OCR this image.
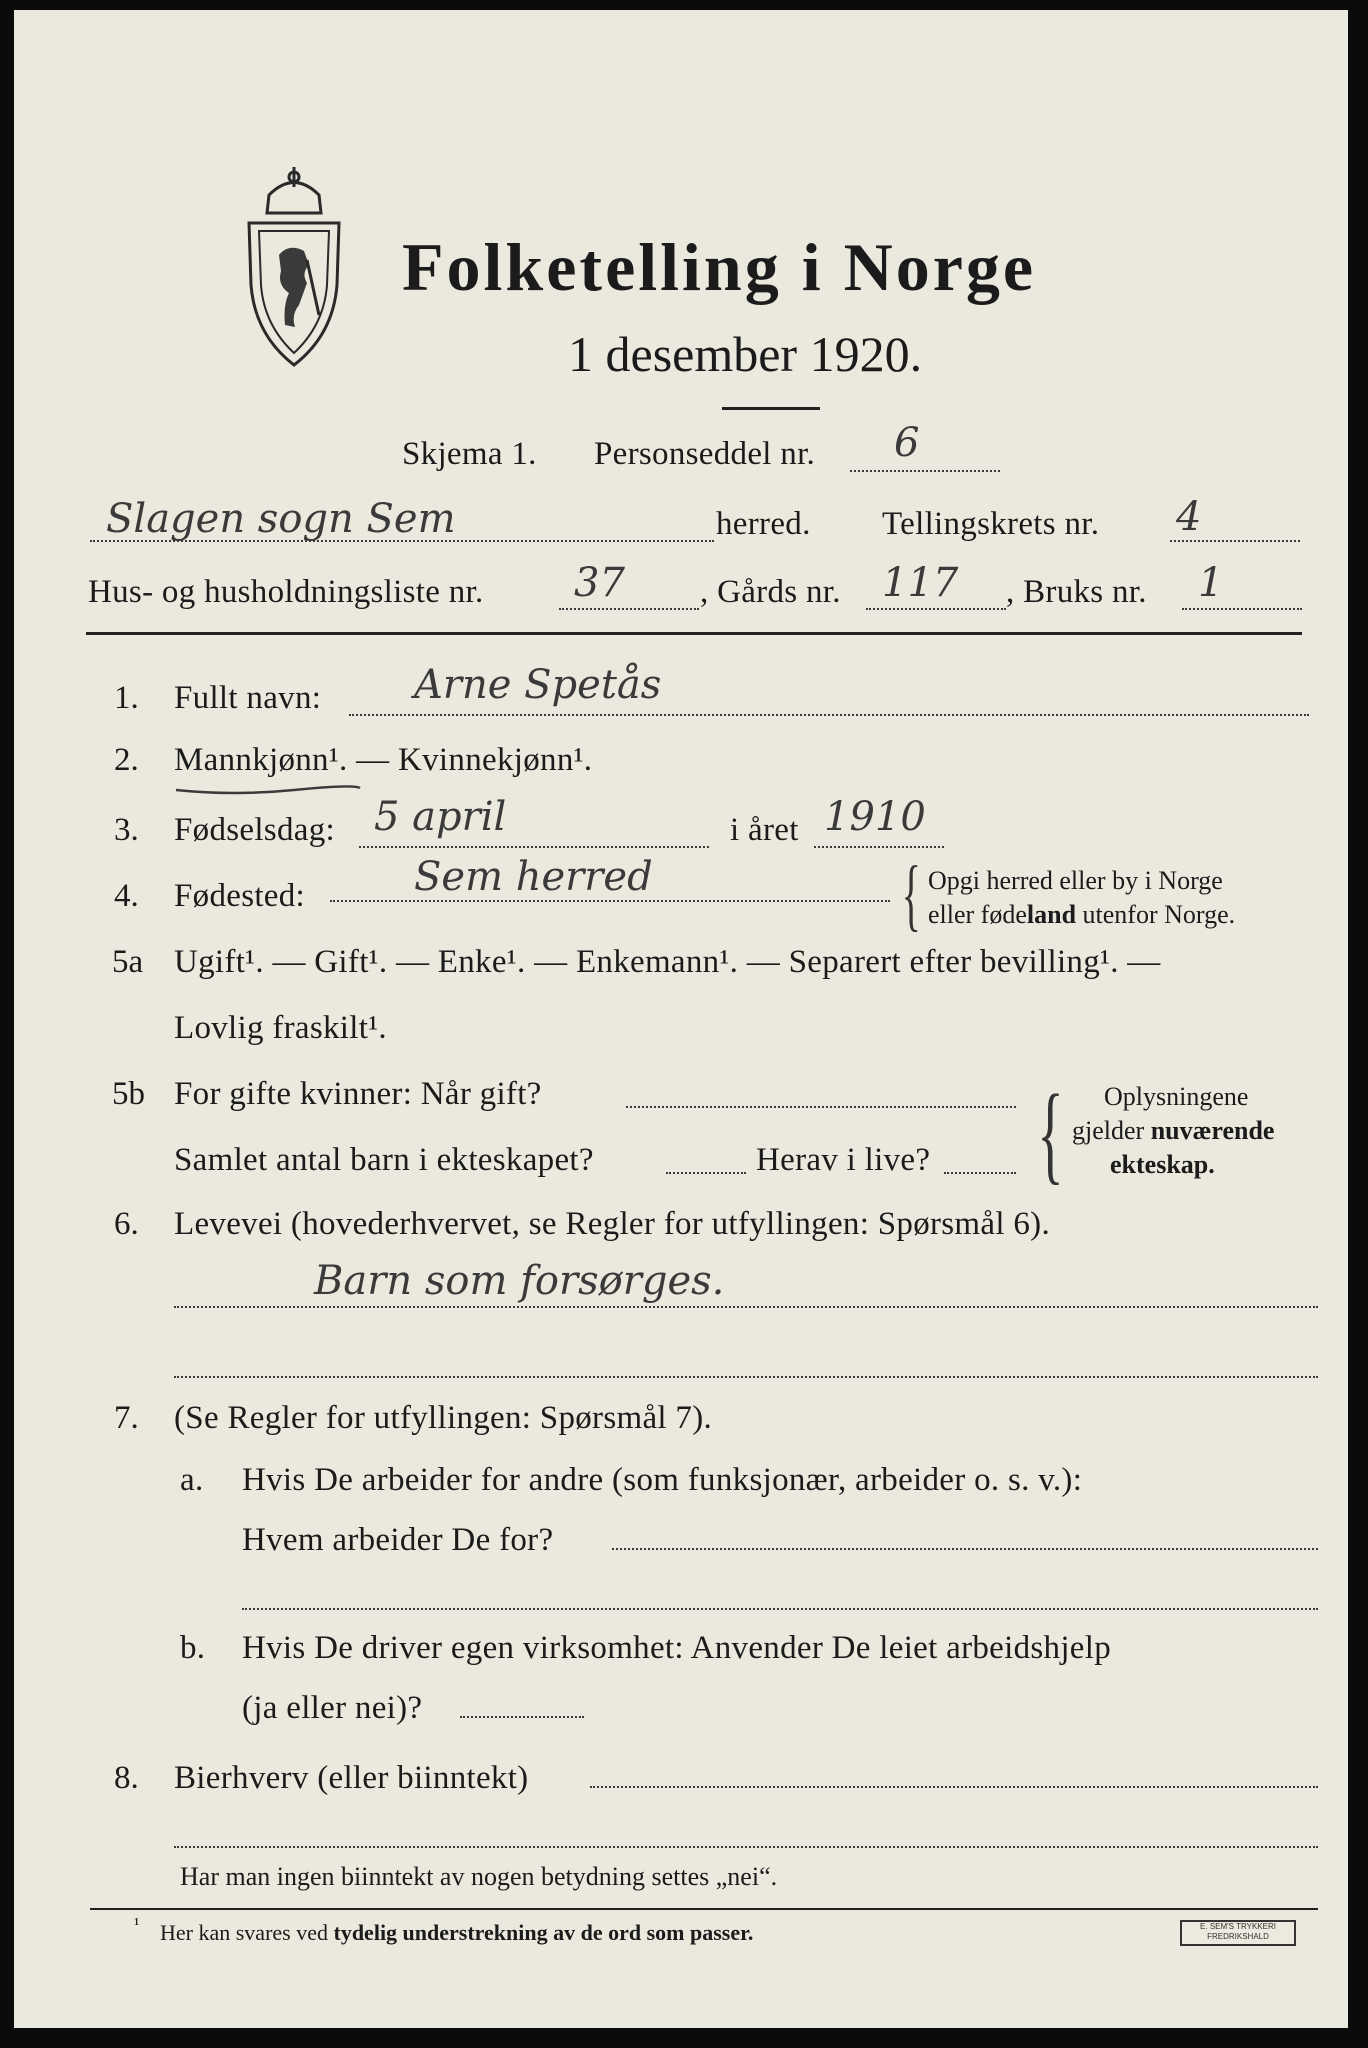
Folketelling i Norge
1 desember 1920.
Skjema 1. Personseddel nr. 6
Slagen sogn Sem	herred. Tellingskrets nr. 4
Hus- og husholdningsliste nr. 37 , Gårds nr. 117 , Bruks nr. 1
1. Fullt navn: Arne Spetås
2. Mannkjønn¹. — Kvinnekjønn¹.
3. Fødselsdag: 5 april	i året 1910
4. Fødested:	Sem herred	{ Opgi herred eller by i Norge
eller fødeland utenfor Norge.
5a Ugift¹. — Gift¹. — Enke¹. — Enkemann¹. — Separert efter bevilling¹. —
Lovlig fraskilt¹.
5b For gifte kvinner: Når gift?
Samlet antal barn i ekteskapet?	Herav i live? { Oplysningene
gjelder nuværende
ekteskap.
6. Levevei (hovederhvervet, se Regler for utfyllingen: Spørsmål 6).
Barn som forsørges.
7. (Se Regler for utfyllingen: Spørsmål 7).
a. Hvis De arbeider for andre (som funksjonær, arbeider o. s. v.):
Hvem arbeider De for?
b. Hvis De driver egen virksomhet: Anvender De leiet arbeidshjelp
(ja eller nei)?
8. Bierhverv (eller biinntekt)
Har man ingen biinntekt av nogen betydning settes „nei“.
¹ Her kan svares ved tydelig understrekning av de ord som passer.	E. SEM'S TRYKKERI
FREDRIKSHALD
